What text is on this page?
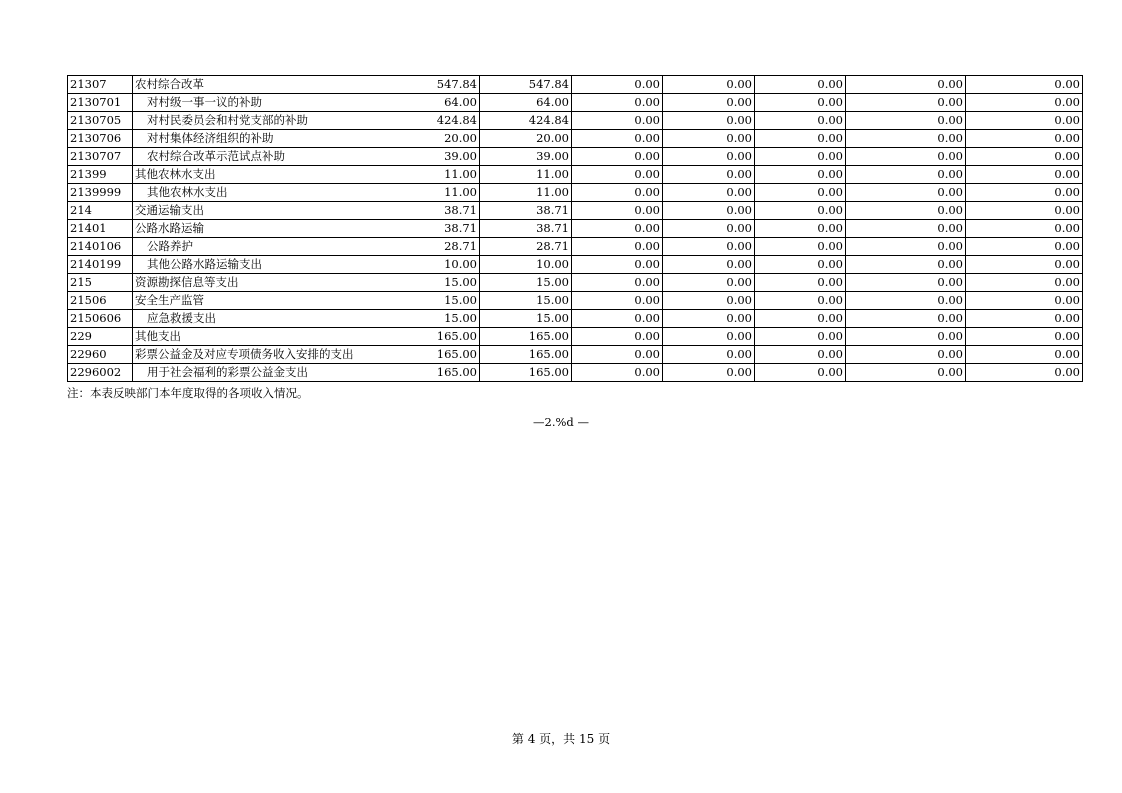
21307	农村综合改革	547.84	547.84	0.00	0.00	0.00	0.00	0.00
2130701	对村级一事一议的补助	64.00	64.00	0.00	0.00	0.00	0.00	0.00
2130705	对村民委员会和村党支部的补助	424.84	424.84	0.00	0.00	0.00	0.00	0.00
2130706	对村集体经济组织的补助	20.00	20.00	0.00	0.00	0.00	0.00	0.00
2130707	农村综合改革示范试点补助	39.00	39.00	0.00	0.00	0.00	0.00	0.00
21399	其他农林水支出	11.00	11.00	0.00	0.00	0.00	0.00	0.00
2139999	其他农林水支出	11.00	11.00	0.00	0.00	0.00	0.00	0.00
214	交通运输支出	38.71	38.71	0.00	0.00	0.00	0.00	0.00
21401	公路水路运输	38.71	38.71	0.00	0.00	0.00	0.00	0.00
2140106	公路养护	28.71	28.71	0.00	0.00	0.00	0.00	0.00
2140199	其他公路水路运输支出	10.00	10.00	0.00	0.00	0.00	0.00	0.00
215	资源勘探信息等支出	15.00	15.00	0.00	0.00	0.00	0.00	0.00
21506	安全生产监管	15.00	15.00	0.00	0.00	0.00	0.00	0.00
2150606	应急救援支出	15.00	15.00	0.00	0.00	0.00	0.00	0.00
229	其他支出	165.00	165.00	0.00	0.00	0.00	0.00	0.00
22960	彩票公益金及对应专项债务收入安排的支出	165.00	165.00	0.00	0.00	0.00	0.00	0.00
2296002	用于社会福利的彩票公益金支出	165.00	165.00	0.00	0.00	0.00	0.00	0.00
注：本表反映部门本年度取得的各项收入情况。
—2.%d —
第 4 页，共 15 页
